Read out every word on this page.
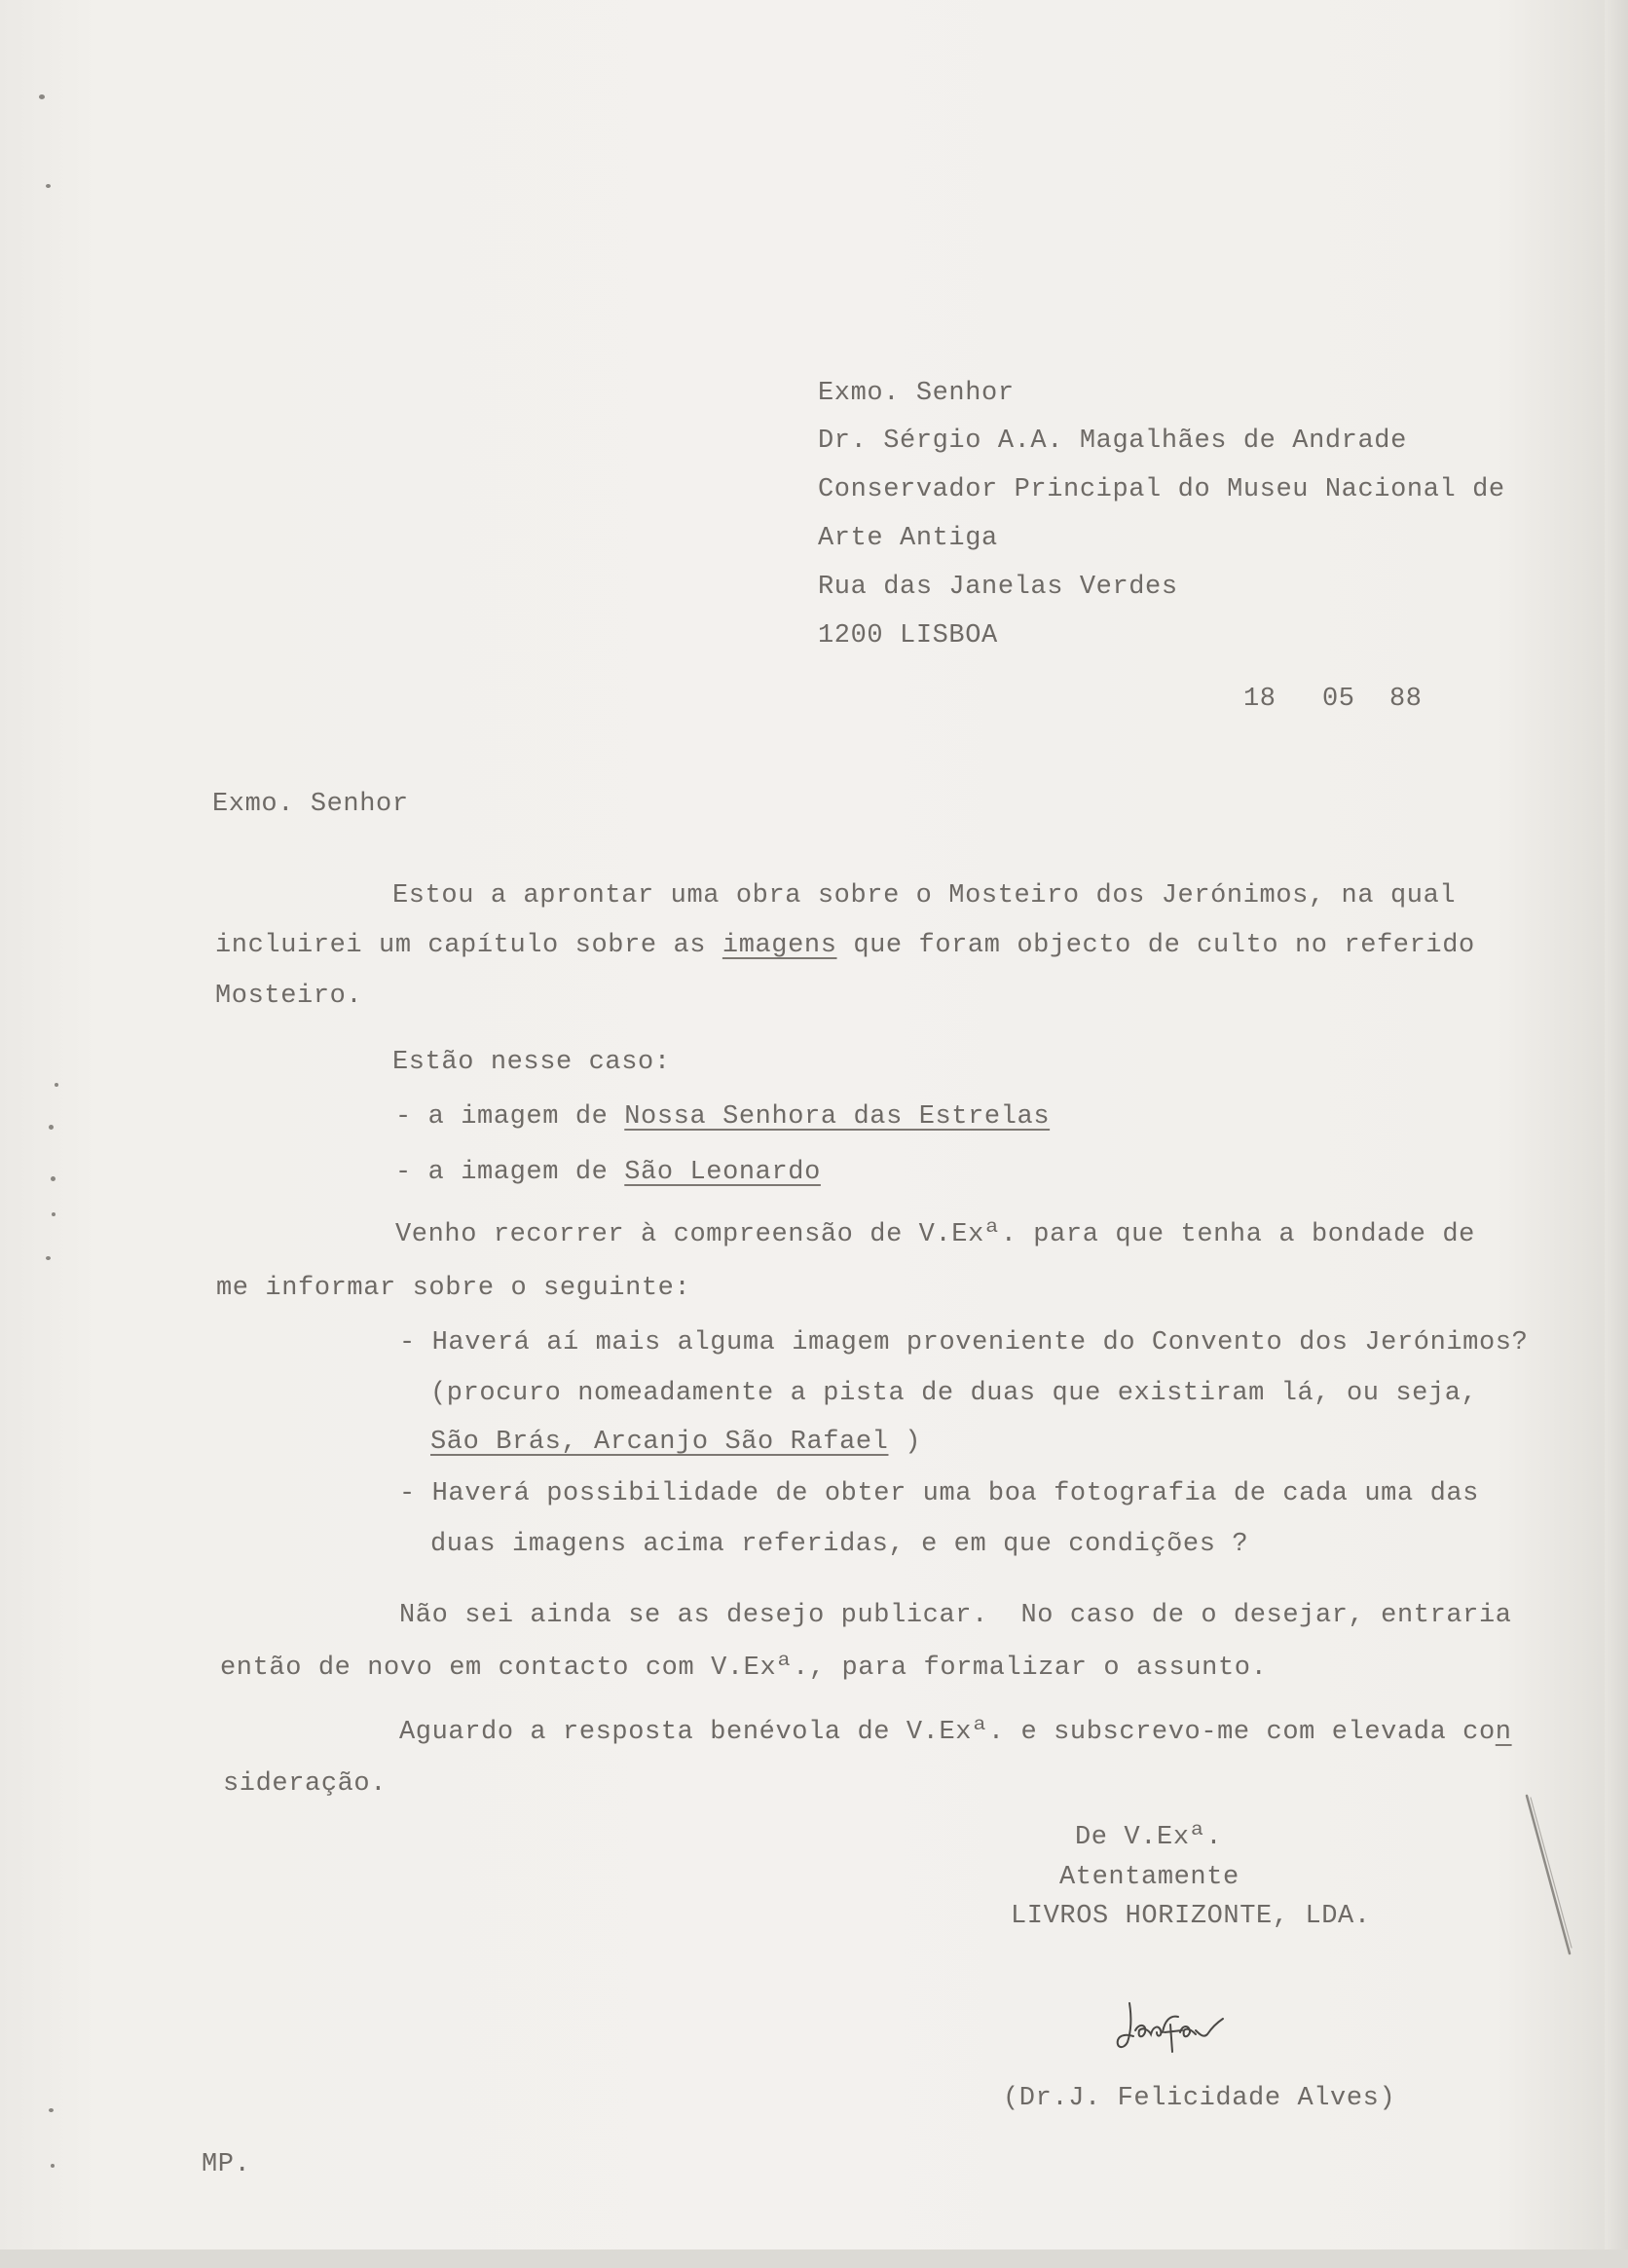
Exmo. Senhor
Dr. Sérgio A.A. Magalhães de Andrade
Conservador Principal do Museu Nacional de
Arte Antiga
Rua das Janelas Verdes
1200 LISBOA
18 05 88
Exmo. Senhor
Estou a aprontar uma obra sobre o Mosteiro dos Jerónimos, na qual
incluirei um capítulo sobre as imagens que foram objecto de culto no referido
Mosteiro.
Estão nesse caso:
- a imagem de Nossa Senhora das Estrelas
- a imagem de São Leonardo
Venho recorrer à compreensão de V.Exª. para que tenha a bondade de
me informar sobre o seguinte:
- Haverá aí mais alguma imagem proveniente do Convento dos Jerónimos?
(procuro nomeadamente a pista de duas que existiram lá, ou seja,
São Brás, Arcanjo São Rafael )
- Haverá possibilidade de obter uma boa fotografia de cada uma das
duas imagens acima referidas, e em que condições ?
Não sei ainda se as desejo publicar.  No caso de o desejar, entraria
então de novo em contacto com V.Exª., para formalizar o assunto.
Aguardo a resposta benévola de V.Exª. e subscrevo-me com elevada con
sideração.
De V.Exª.
Atentamente
LIVROS HORIZONTE, LDA.
(Dr.J. Felicidade Alves)
MP.
